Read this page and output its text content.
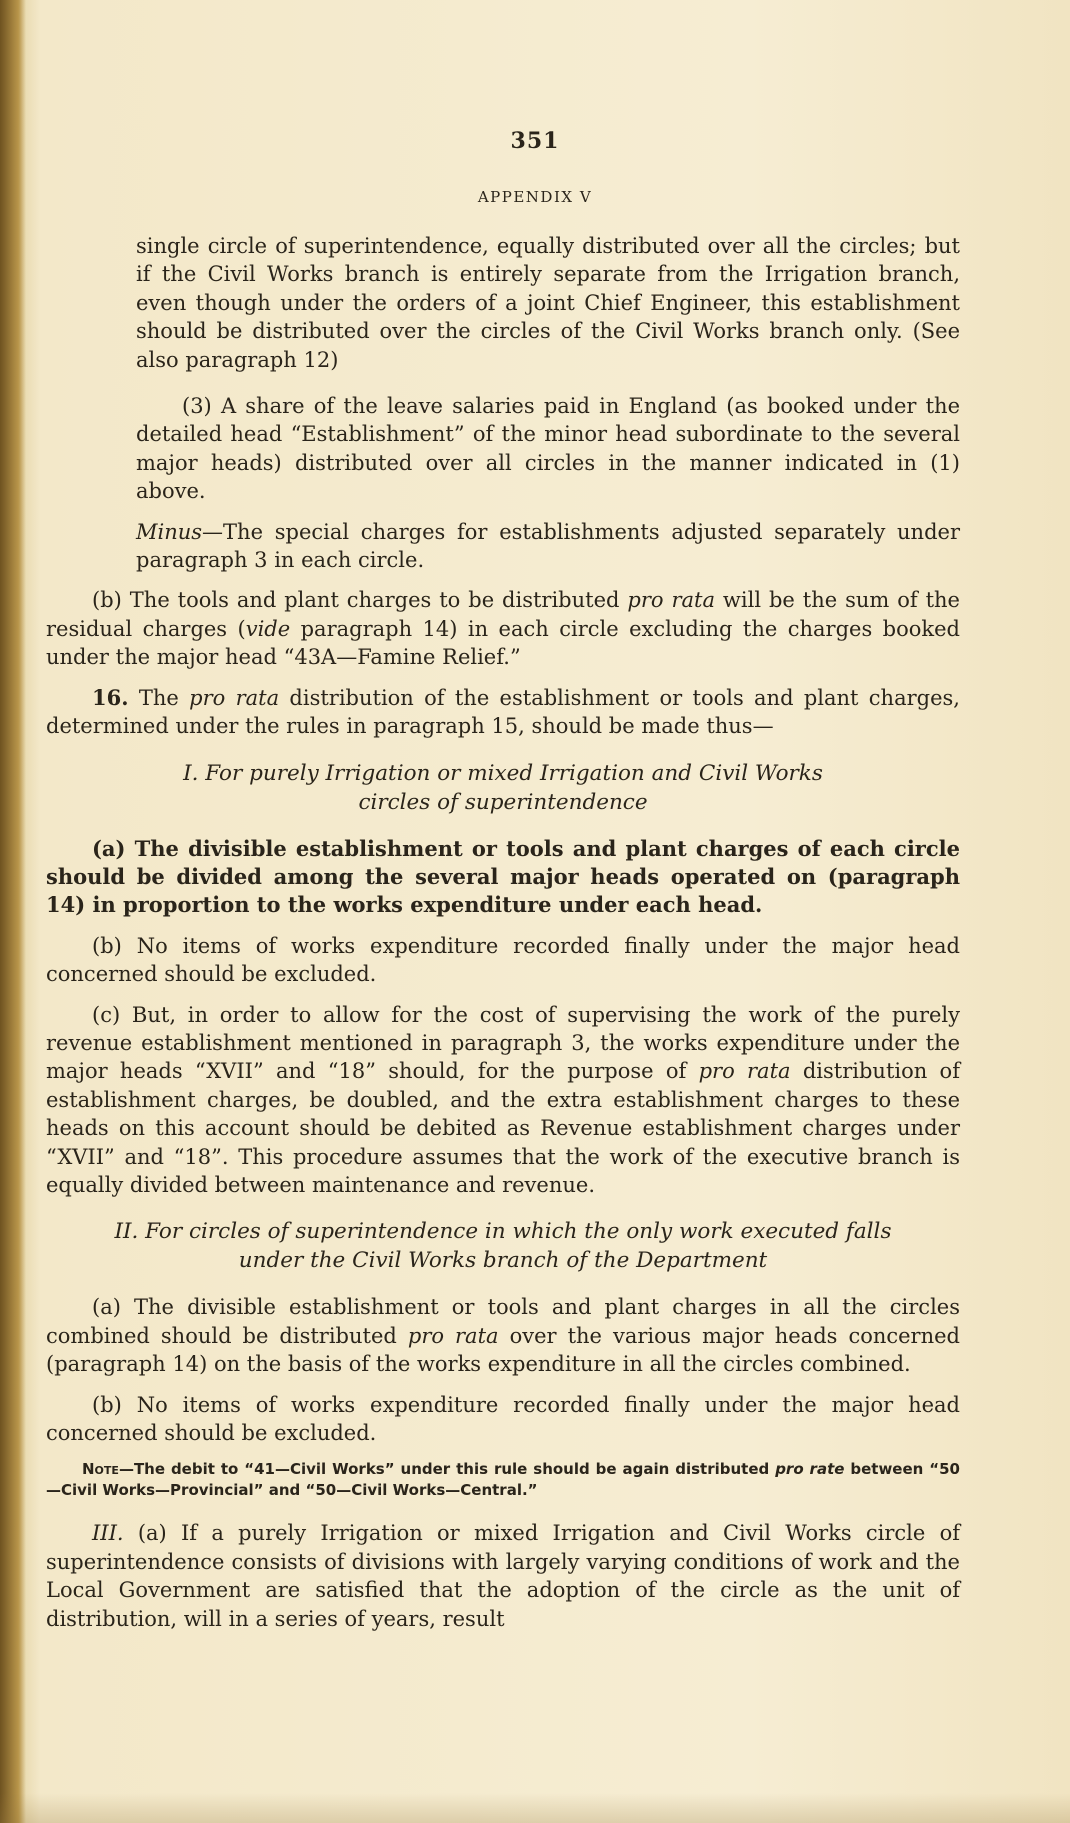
351
APPENDIX V

single circle of superintendence, equally distributed over all the circles; but if the Civil Works branch is entirely separate from the Irrigation branch, even though under the orders of a joint Chief Engineer, this establishment should be distributed over the circles of the Civil Works branch only. (See also paragraph 12)

(3) A share of the leave salaries paid in England (as booked under the detailed head “Establishment” of the minor head subordinate to the several major heads) distributed over all circles in the manner indicated in (1) above.

Minus—The special charges for establishments adjusted separately under paragraph 3 in each circle.

(b) The tools and plant charges to be distributed pro rata will be the sum of the residual charges (vide paragraph 14) in each circle excluding the charges booked under the major head “43A—Famine Relief.”

16. The pro rata distribution of the establishment or tools and plant charges, determined under the rules in paragraph 15, should be made thus—

I. For purely Irrigation or mixed Irrigation and Civil Works
circles of superintendence

(a) The divisible establishment or tools and plant charges of each circle should be divided among the several major heads operated on (paragraph 14) in proportion to the works expenditure under each head.

(b) No items of works expenditure recorded finally under the major head concerned should be excluded.

(c) But, in order to allow for the cost of supervising the work of the purely revenue establishment mentioned in paragraph 3, the works expenditure under the major heads “XVII” and “18” should, for the purpose of pro rata distribution of establishment charges, be doubled, and the extra establishment charges to these heads on this account should be debited as Revenue establishment charges under “XVII” and “18”. This procedure assumes that the work of the executive branch is equally divided between maintenance and revenue.

II. For circles of superintendence in which the only work executed falls
under the Civil Works branch of the Department

(a) The divisible establishment or tools and plant charges in all the circles combined should be distributed pro rata over the various major heads concerned (paragraph 14) on the basis of the works expenditure in all the circles combined.

(b) No items of works expenditure recorded finally under the major head concerned should be excluded.

Note—The debit to “41—Civil Works” under this rule should be again distributed pro rate between “50—Civil Works—Provincial” and “50—Civil Works—Central.”

III. (a) If a purely Irrigation or mixed Irrigation and Civil Works circle of superintendence consists of divisions with largely varying conditions of work and the Local Government are satisfied that the adoption of the circle as the unit of distribution, will in a series of years, result
